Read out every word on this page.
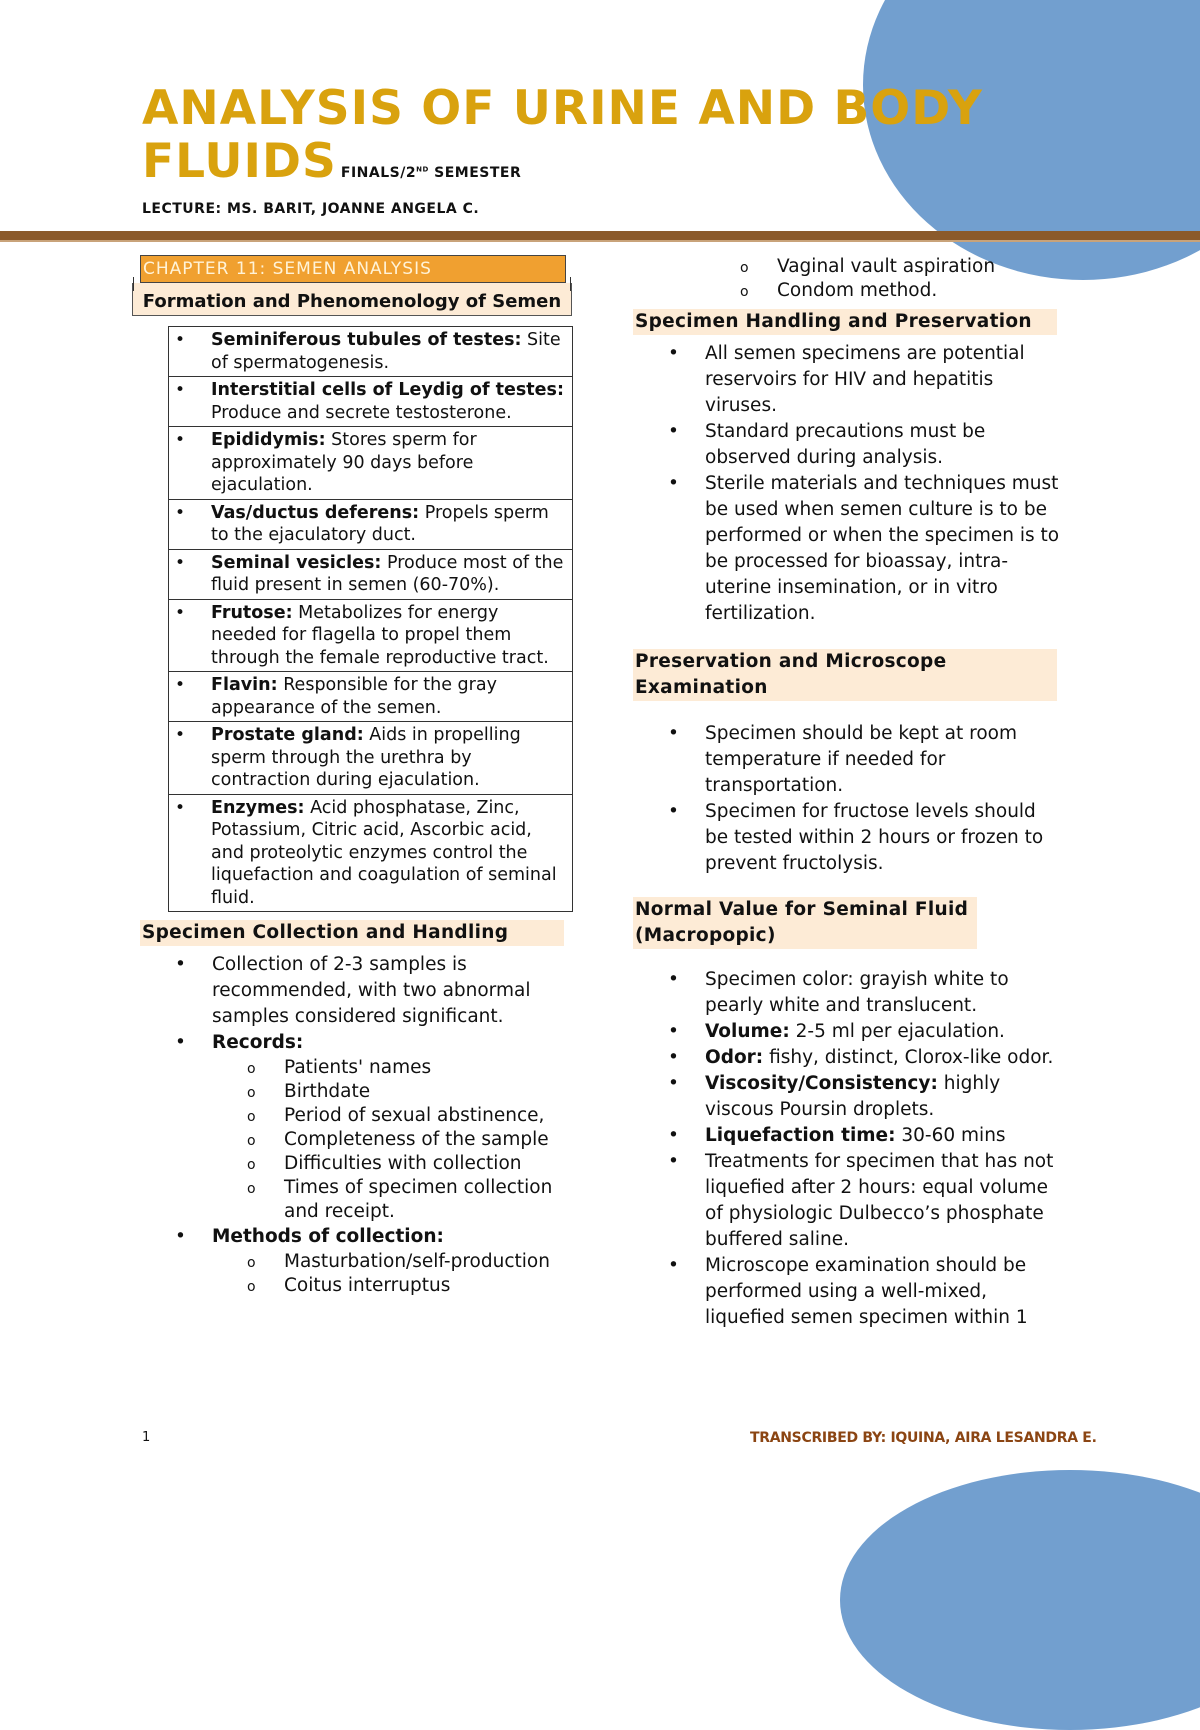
ANALYSIS OF URINE AND BODY
FLUIDS FINALS/2ND SEMESTER
LECTURE: MS. BARIT, JOANNE ANGELA C.
CHAPTER 11: SEMEN ANALYSIS
Formation and Phenomenology of Semen
• Seminiferous tubules of testes: Site of spermatogenesis.

• Interstitial cells of Leydig of testes: Produce and secrete testosterone.

• Epididymis: Stores sperm for approximately 90 days before ejaculation.

• Vas/ductus deferens: Propels sperm to the ejaculatory duct.

• Seminal vesicles: Produce most of the fluid present in semen (60-70%).

• Frutose: Metabolizes for energy needed for flagella to propel them through the female reproductive tract.

• Flavin: Responsible for the gray appearance of the semen.

• Prostate gland: Aids in propelling sperm through the urethra by contraction during ejaculation.

• Enzymes: Acid phosphatase, Zinc, Potassium, Citric acid, Ascorbic acid, and proteolytic enzymes control the liquefaction and coagulation of seminal fluid.
Specimen Collection and Handling
• Collection of 2-3 samples is recommended, with two abnormal samples considered significant.
• Records:
o Patients' names
o Birthdate
o Period of sexual abstinence,
o Completeness of the sample
o Difficulties with collection
o Times of specimen collection and receipt.
• Methods of collection:
o Masturbation/self-production
o Coitus interruptus
o Vaginal vault aspiration
o Condom method.
Specimen Handling and Preservation
• All semen specimens are potential reservoirs for HIV and hepatitis viruses.
• Standard precautions must be observed during analysis.
• Sterile materials and techniques must be used when semen culture is to be performed or when the specimen is to be processed for bioassay, intra-uterine insemination, or in vitro fertilization.
Preservation and Microscope Examination
• Specimen should be kept at room temperature if needed for transportation.
• Specimen for fructose levels should be tested within 2 hours or frozen to prevent fructolysis.
Normal Value for Seminal Fluid (Macropopic)
• Specimen color: grayish white to pearly white and translucent.
• Volume: 2-5 ml per ejaculation.
• Odor: fishy, distinct, Clorox-like odor.
• Viscosity/Consistency: highly viscous Poursin droplets.
• Liquefaction time: 30-60 mins
• Treatments for specimen that has not liquefied after 2 hours: equal volume of physiologic Dulbecco’s phosphate buffered saline.
• Microscope examination should be performed using a well-mixed, liquefied semen specimen within 1
1	TRANSCRIBED BY: IQUINA, AIRA LESANDRA E.
